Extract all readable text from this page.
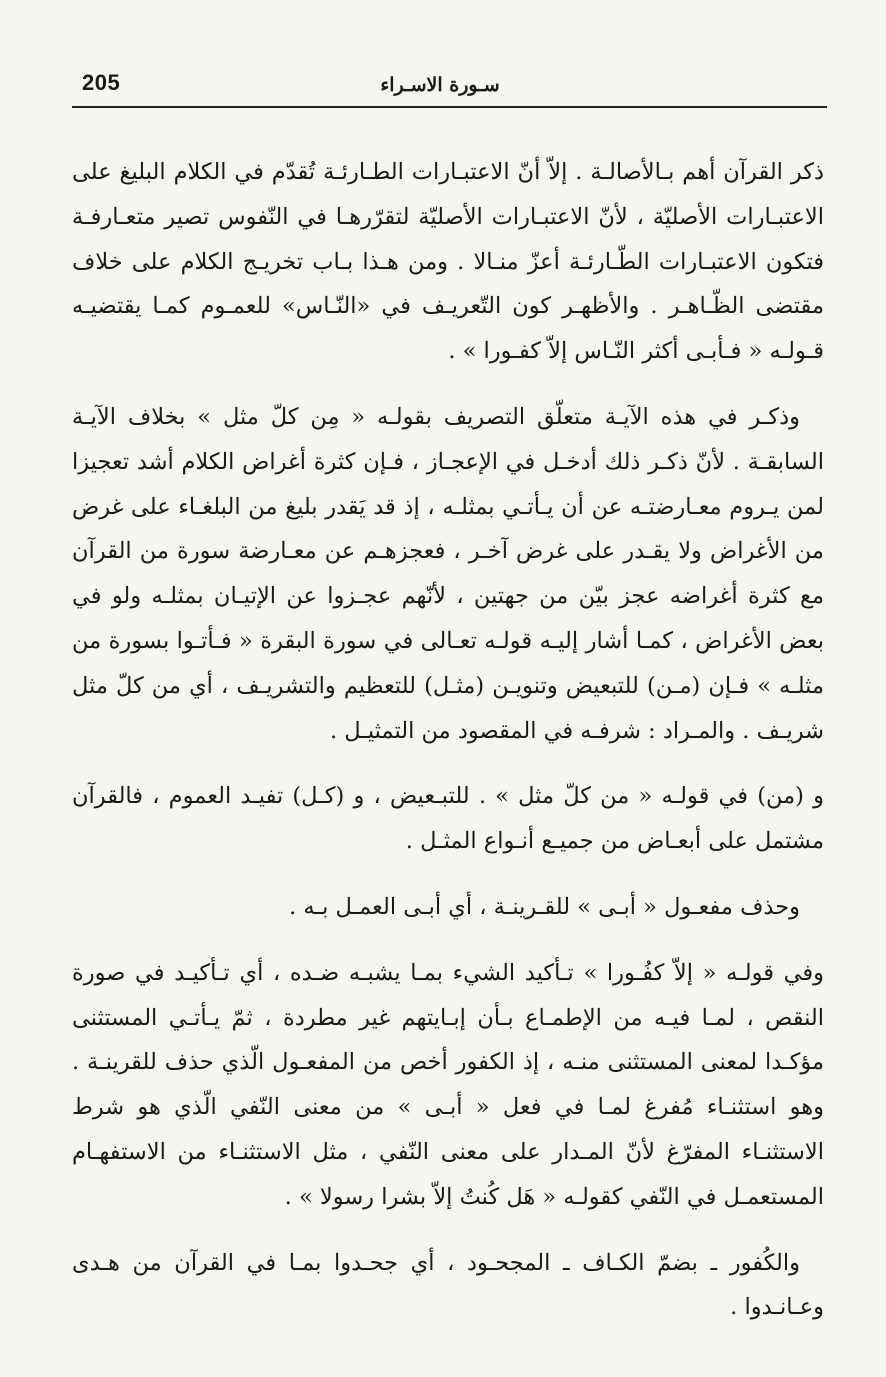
205	سـورة الاسـراء

ذكر القرآن أهم بـالأصالـة . إلاّ أنّ الاعتبـارات الطـارئـة تُقدّم في الكلام البليغ على الاعتبـارات الأصليّة ، لأنّ الاعتبـارات الأصليّة لتقرّرهـا في النّفوس تصير متعـارفـة فتكون الاعتبـارات الطّـارئـة أعزّ منـالا . ومن هـذا بـاب تخريـج الكلام على خلاف مقتضى الظّـاهـر . والأظهـر كون التّعريـف في «النّـاس» للعمـوم كمـا يقتضيـه قـولـه « فـأبـى أكثر النّـاس إلاّ كفـورا » .

وذكـر في هذه الآيـة متعلّق التصريف بقولـه « مِن كلّ مثل » بخلاف الآيـة السابقـة . لأنّ ذكـر ذلك أدخـل في الإعجـاز ، فـإن كثرة أغراض الكلام أشد تعجيزا لمن يـروم معـارضتـه عن أن يـأتـي بمثلـه ، إذ قد يَقدر بليغ من البلغـاء على غرض من الأغراض ولا يقـدر على غرض آخـر ، فعجزهـم عن معـارضة سورة من القرآن مع كثرة أغراضه عجز بيّن من جهتين ، لأنّهم عجـزوا عن الإتيـان بمثلـه ولو في بعض الأغراض ، كمـا أشار إليـه قولـه تعـالى في سورة البقرة « فـأتـوا بسورة من مثلـه » فـإن (مـن) للتبعيض وتنويـن (مثـل) للتعظيم والتشريـف ، أي من كلّ مثل شريـف . والمـراد : شرفـه في المقصود من التمثيـل .

و (من) في قولـه « من كلّ مثل » . للتبـعيض ، و (كـل) تفيـد العموم ، فالقرآن مشتمل على أبعـاض من جميـع أنـواع المثـل .

وحذف مفعـول « أبـى » للقـرينـة ، أي أبـى العمـل بـه .

وفي قولـه « إلاّ كفُـورا » تـأكيد الشيء بمـا يشبـه ضـده ، أي تـأكيـد في صورة النقص ، لمـا فيـه من الإطمـاع بـأن إبـايتهم غير مطردة ، ثمّ يـأتـي المستثنى مؤكـدا لمعنى المستثنى منـه ، إذ الكفور أخص من المفعـول الّذي حذف للقرينـة . وهو استثنـاء مُفرغ لمـا في فعل « أبـى » من معنى النّفي الّذي هو شرط الاستثنـاء المفرّغ لأنّ المـدار على معنى النّفي ، مثل الاستثنـاء من الاستفهـام المستعمـل في النّفي كقولـه « هَل كُنتُ إلاّ بشرا رسولا » .

والكُفور ـ بضمّ الكـاف ـ المجحـود ، أي جحـدوا بمـا في القرآن من هـدى وعـانـدوا .
